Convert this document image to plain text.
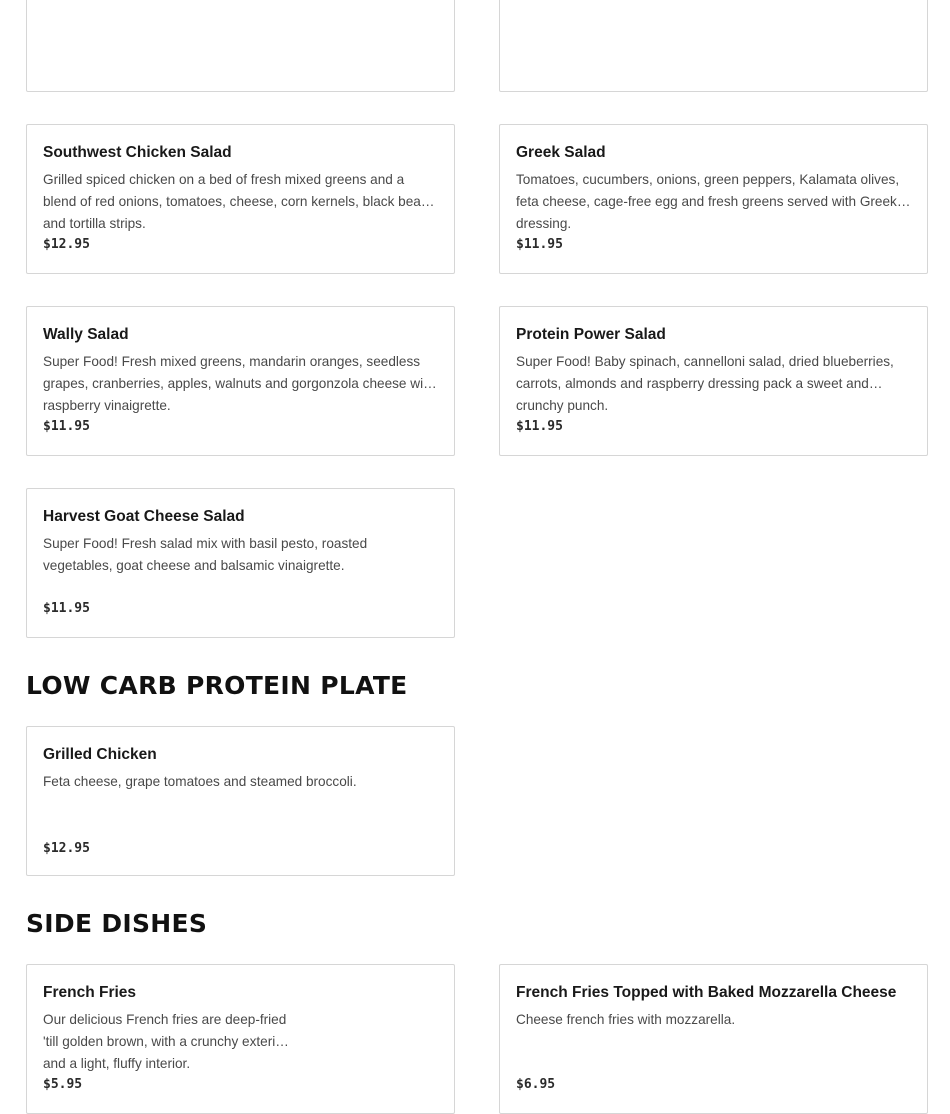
Southwest Chicken Salad
Grilled spiced chicken on a bed of fresh mixed greens and a blend of red onions, tomatoes, cheese, corn kernels, black beans and tortilla strips.
$12.95
Greek Salad
Tomatoes, cucumbers, onions, green peppers, Kalamata olives, feta cheese, cage-free egg and fresh greens served with Greek dressing.
$11.95
Wally Salad
Super Food! Fresh mixed greens, mandarin oranges, seedless grapes, cranberries, apples, walnuts and gorgonzola cheese with raspberry vinaigrette.
$11.95
Protein Power Salad
Super Food! Baby spinach, cannelloni salad, dried blueberries, carrots, almonds and raspberry dressing pack a sweet and crunchy punch.
$11.95
Harvest Goat Cheese Salad
Super Food! Fresh salad mix with basil pesto, roasted vegetables, goat cheese and balsamic vinaigrette.
$11.95
LOW CARB PROTEIN PLATE
Grilled Chicken
Feta cheese, grape tomatoes and steamed broccoli.
$12.95
SIDE DISHES
French Fries
Our delicious French fries are deep-fried 'till golden brown, with a crunchy exterior and a light, fluffy interior.
$5.95
French Fries Topped with Baked Mozzarella Cheese
Cheese french fries with mozzarella.
$6.95
